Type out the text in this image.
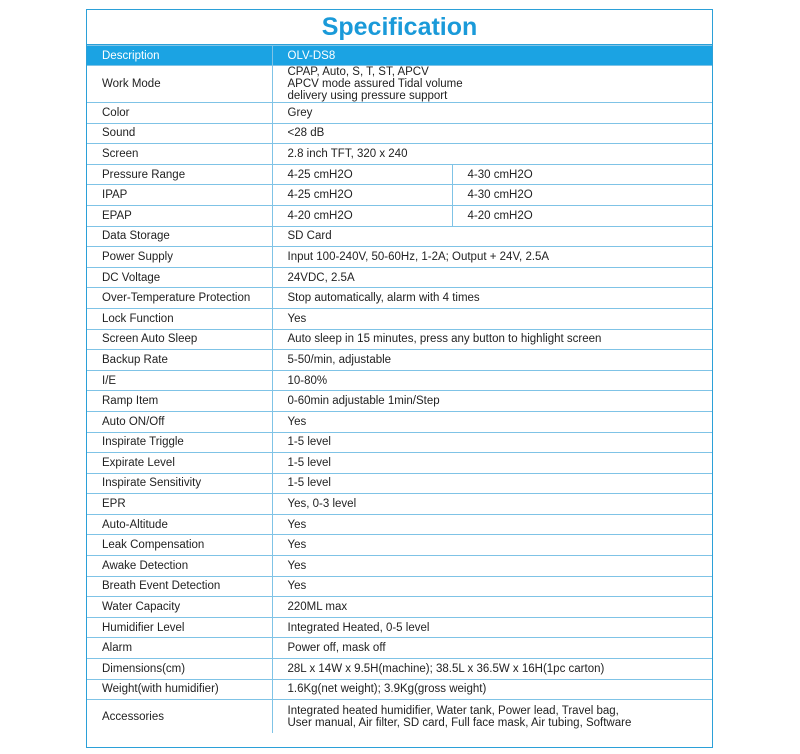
Specification
Description	OLV-DS8	
Work Mode	CPAP, Auto, S, T, ST, APCV
APCV mode assured Tidal volume
delivery using pressure support	
Color	Grey	
Sound	<28 dB	
Screen	2.8 inch TFT, 320 x 240	
Pressure Range	4-25 cmH2O	4-30 cmH2O
IPAP	4-25 cmH2O	4-30 cmH2O
EPAP	4-20 cmH2O	4-20 cmH2O
Data Storage	SD Card	
Power Supply	Input 100-240V, 50-60Hz, 1-2A; Output + 24V, 2.5A	
DC Voltage	24VDC, 2.5A	
Over-Temperature Protection	Stop automatically, alarm with 4 times	
Lock Function	Yes	
Screen Auto Sleep	Auto sleep in 15 minutes, press any button to highlight screen	
Backup Rate	5-50/min, adjustable	
I/E	10-80%	
Ramp Item	0-60min adjustable 1min/Step	
Auto ON/Off	Yes	
Inspirate Triggle	1-5 level	
Expirate Level	1-5 level	
Inspirate Sensitivity	1-5 level	
EPR	Yes, 0-3 level	
Auto-Altitude	Yes	
Leak Compensation	Yes	
Awake Detection	Yes	
Breath Event Detection	Yes	
Water Capacity	220ML max	
Humidifier Level	Integrated Heated, 0-5 level	
Alarm	Power off, mask off	
Dimensions(cm)	28L x 14W x 9.5H(machine); 38.5L x 36.5W x 16H(1pc carton)	
Weight(with humidifier)	1.6Kg(net weight); 3.9Kg(gross weight)	
Accessories	Integrated heated humidifier, Water tank, Power lead, Travel bag,
User manual, Air filter, SD card, Full face mask, Air tubing, Software	
